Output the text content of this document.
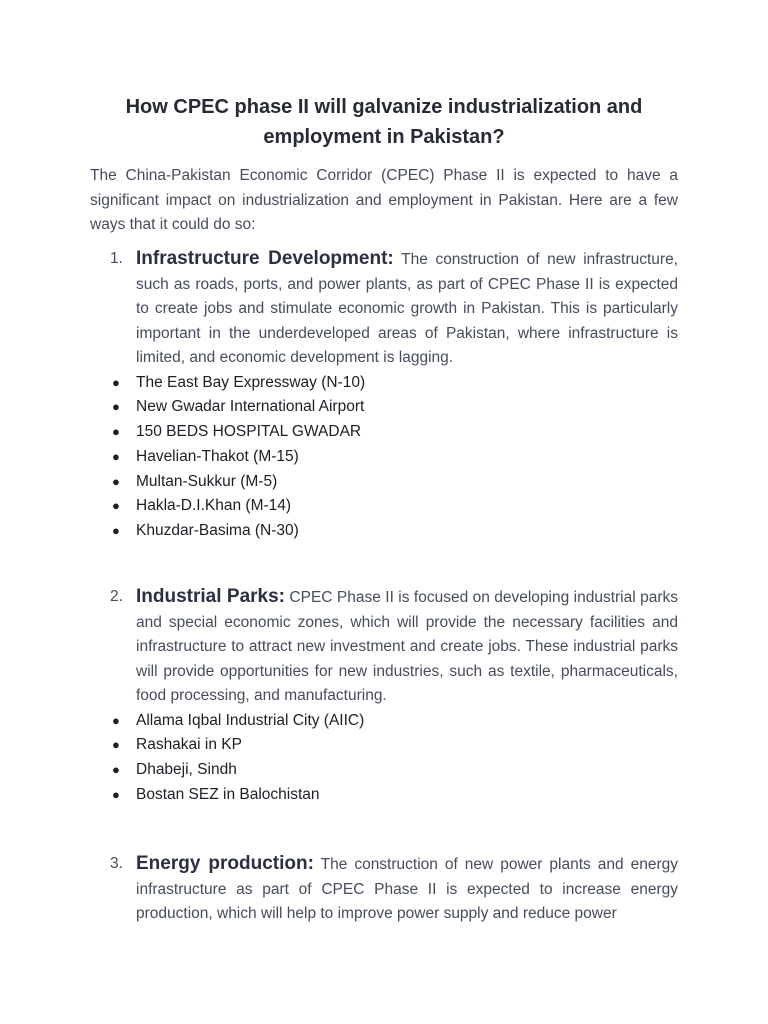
How CPEC phase II will galvanize industrialization and employment in Pakistan?

The China-Pakistan Economic Corridor (CPEC) Phase II is expected to have a significant impact on industrialization and employment in Pakistan. Here are a few ways that it could do so:

1. Infrastructure Development: The construction of new infrastructure, such as roads, ports, and power plants, as part of CPEC Phase II is expected to create jobs and stimulate economic growth in Pakistan. This is particularly important in the underdeveloped areas of Pakistan, where infrastructure is limited, and economic development is lagging.

● The East Bay Expressway (N-10)
● New Gwadar International Airport
● 150 BEDS HOSPITAL GWADAR
● Havelian-Thakot (M-15)
● Multan-Sukkur (M-5)
● Hakla-D.I.Khan (M-14)
● Khuzdar-Basima (N-30)

2. Industrial Parks: CPEC Phase II is focused on developing industrial parks and special economic zones, which will provide the necessary facilities and infrastructure to attract new investment and create jobs. These industrial parks will provide opportunities for new industries, such as textile, pharmaceuticals, food processing, and manufacturing.

● Allama Iqbal Industrial City (AIIC)
● Rashakai in KP
● Dhabeji, Sindh
● Bostan SEZ in Balochistan

3. Energy production: The construction of new power plants and energy infrastructure as part of CPEC Phase II is expected to increase energy production, which will help to improve power supply and reduce power
